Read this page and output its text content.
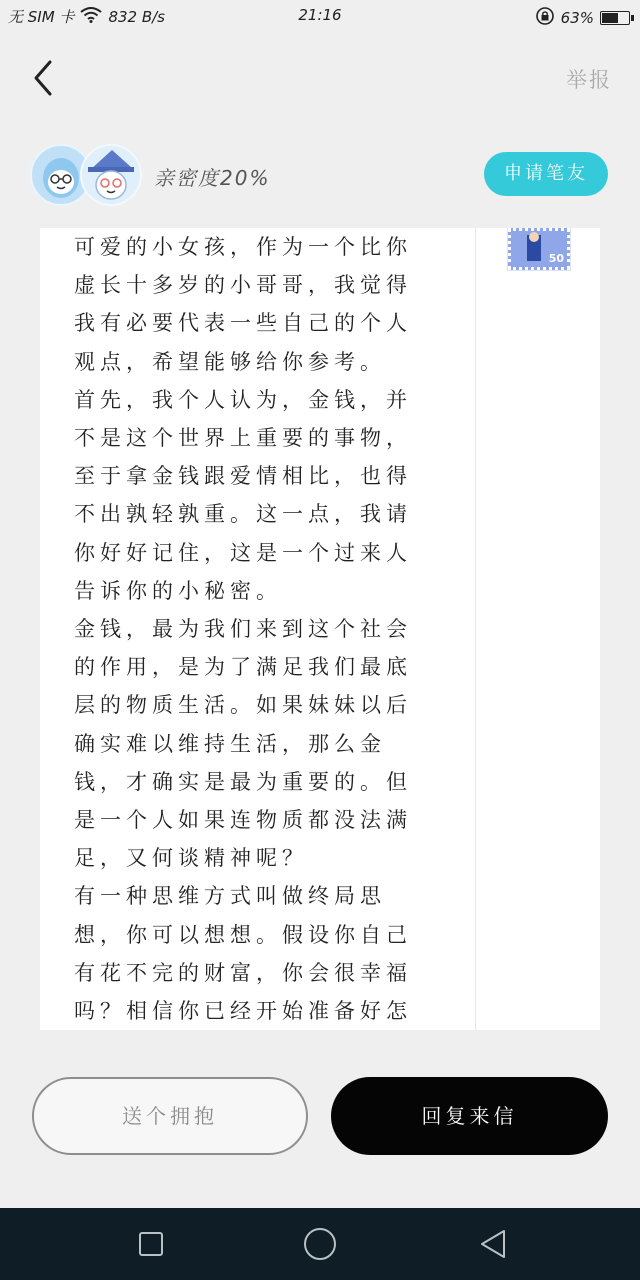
无 SIM 卡 832 B/s	21:16	63%
举报
亲密度20%	申请笔友

可爱的小女孩，作为一个比你虚长十多岁的小哥哥，我觉得我有必要代表一些自己的个人观点，希望能够给你参考。

首先，我个人认为，金钱，并不是这个世界上重要的事物，至于拿金钱跟爱情相比，也得不出孰轻孰重。这一点，我请你好好记住，这是一个过来人告诉你的小秘密。

金钱，最为我们来到这个社会的作用，是为了满足我们最底层的物质生活。如果妹妹以后确实难以维持生活，那么金钱，才确实是最为重要的。但是一个人如果连物质都没法满足，又何谈精神呢？

有一种思维方式叫做终局思想，你可以想想。假设你自己有花不完的财富，你会很幸福吗？相信你已经开始准备好怎

50
送个拥抱	回复来信
